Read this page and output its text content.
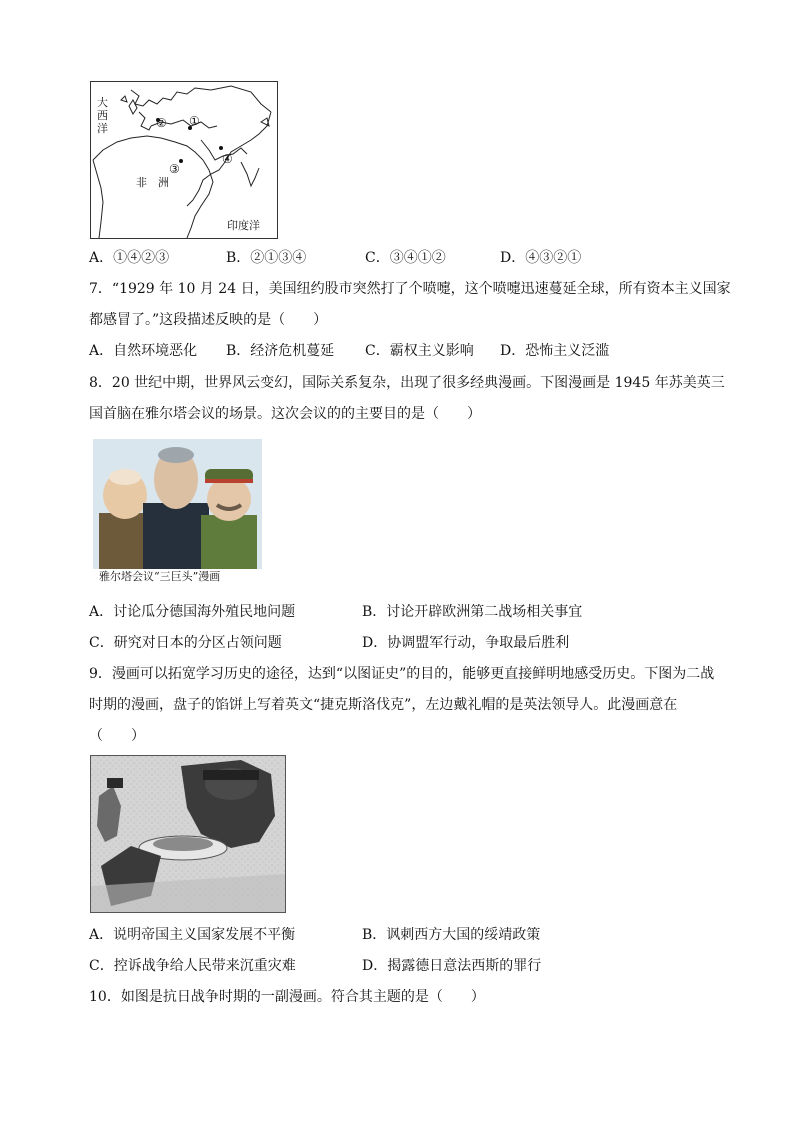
大西洋
非　洲
印度洋
①
②
③
④
A．①④②③	B．②①③④	C．③④①②	D．④③②①
7．“1929 年 10 月 24 日，美国纽约股市突然打了个喷嚏，这个喷嚏迅速蔓延全球，所有资本主义国家
都感冒了。”这段描述反映的是（　　）
A．自然环境恶化 B．经济危机蔓延 C．霸权主义影响 D．恐怖主义泛滥
8．20 世纪中期，世界风云变幻，国际关系复杂，出现了很多经典漫画。下图漫画是 1945 年苏美英三
国首脑在雅尔塔会议的场景。这次会议的的主要目的是（　　）
雅尔塔会议“三巨头”漫画
A．讨论瓜分德国海外殖民地问题	B．讨论开辟欧洲第二战场相关事宜
C．研究对日本的分区占领问题	D．协调盟军行动，争取最后胜利
9．漫画可以拓宽学习历史的途径，达到“以图证史”的目的，能够更直接鲜明地感受历史。下图为二战
时期的漫画，盘子的馅饼上写着英文“捷克斯洛伐克”，左边戴礼帽的是英法领导人。此漫画意在
（　　）
A．说明帝国主义国家发展不平衡	B．讽刺西方大国的绥靖政策
C．控诉战争给人民带来沉重灾难	D．揭露德日意法西斯的罪行
10．如图是抗日战争时期的一副漫画。符合其主题的是（　　）
